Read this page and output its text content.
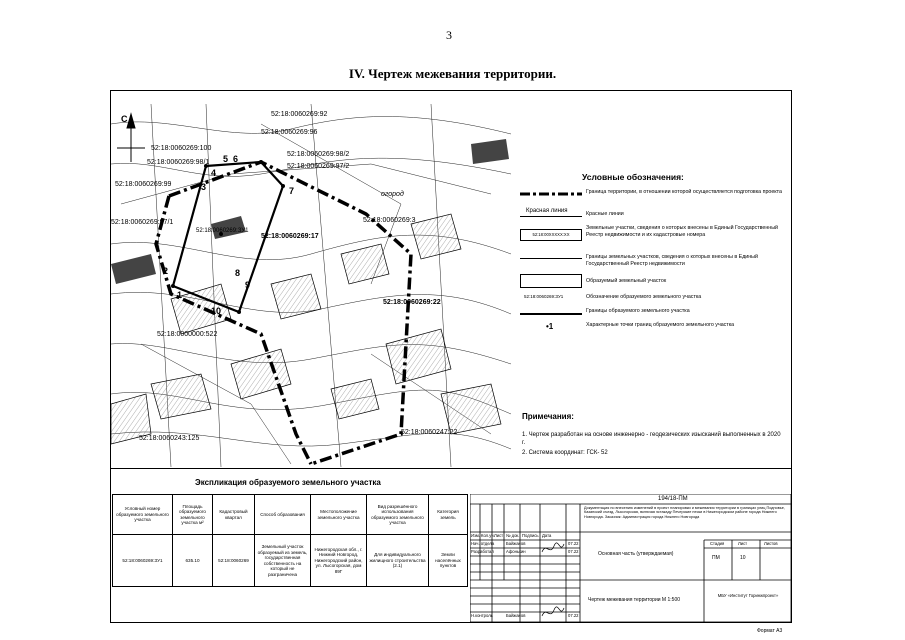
3
IV. Чертеж межевания территории.
С
52:18:0060269:96
52:18:0060269:100
52:18:0060269:98/1
52:18:0060269:98/2
52:18:0060269:97/2
52:18:0060269:99
52:18:0060269:97/1	52:18:0060269:3
52:18:0060269:17
52:18:0060269:ЗУ1
52:18:0060269:22
52:18:0000000:522
52:18:0060243:125
52:18:0060247:22
52:18:0060269:92
огород
5 6
4
3	7
8
9
10
1
2
Условные обозначения:
Граница территории, в отношении которой осуществляется подготовка проекта
Красная линия	Красные линии
52:18:00XXXXX:XX
Земельные участки, сведения о которых внесены в Единый Государственный Реестр недвижимости и их кадастровые номера
Границы земельных участков, сведения о которых внесены в Единый Государственный Реестр недвижимости
Образуемый земельный участок
52:18:0060269:ЗУ1	Обозначение образуемого земельного участка
Границы образуемого земельного участка
•1	Характерные точки границ образуемого земельного участка
Примечания:
1. Чертеж разработан на основе инженерно - геодезических изысканий выполненных в 2020 г.
2. Система координат: ГСК- 52
Экспликация образуемого земельного участка
Условный номер образуемого земельного участка	Площадь образуемого земельного участка м²	Кадастровый квартал	Способ образования	Местоположение земельного участка	Вид разрешённого использования образуемого земельного участка	Категория земель
52:18:0060269:ЗУ1	635.10	52:18:0060269	Земельный участок образуемый из земель, государственная собственность на который не разграничена	Нижегородская обл., г. Нижний Новгород, Нижегородский район, ул. Лысогорская, дом 89Г	Для индивидуального жилищного строительства (2.1)	Земли населённых пунктов
194/18-ПМ
Документация по внесению изменений в проект планировки и межевания территории в границах улиц Подновье, Казанский съезд, Лысогорская, включая эстакаду Печерские пески в Нижегородском районе города Нижнего Новгорода. Заказчик: Администрация города Нижнего Новгорода
Изм. Кол.уч. Лист № док. Подпись Дата
Нач. отдела	Байжанов	07.22
Разработал	Афонькин	07.22
Н.контроль	Байжанов	07.22
Основная часть (утверждаемая)
Стадия	Лист	Листов
ПМ	10
Чертеж межевания территории М 1:500
МБУ «Институт Горинжпроект»
Формат А3
